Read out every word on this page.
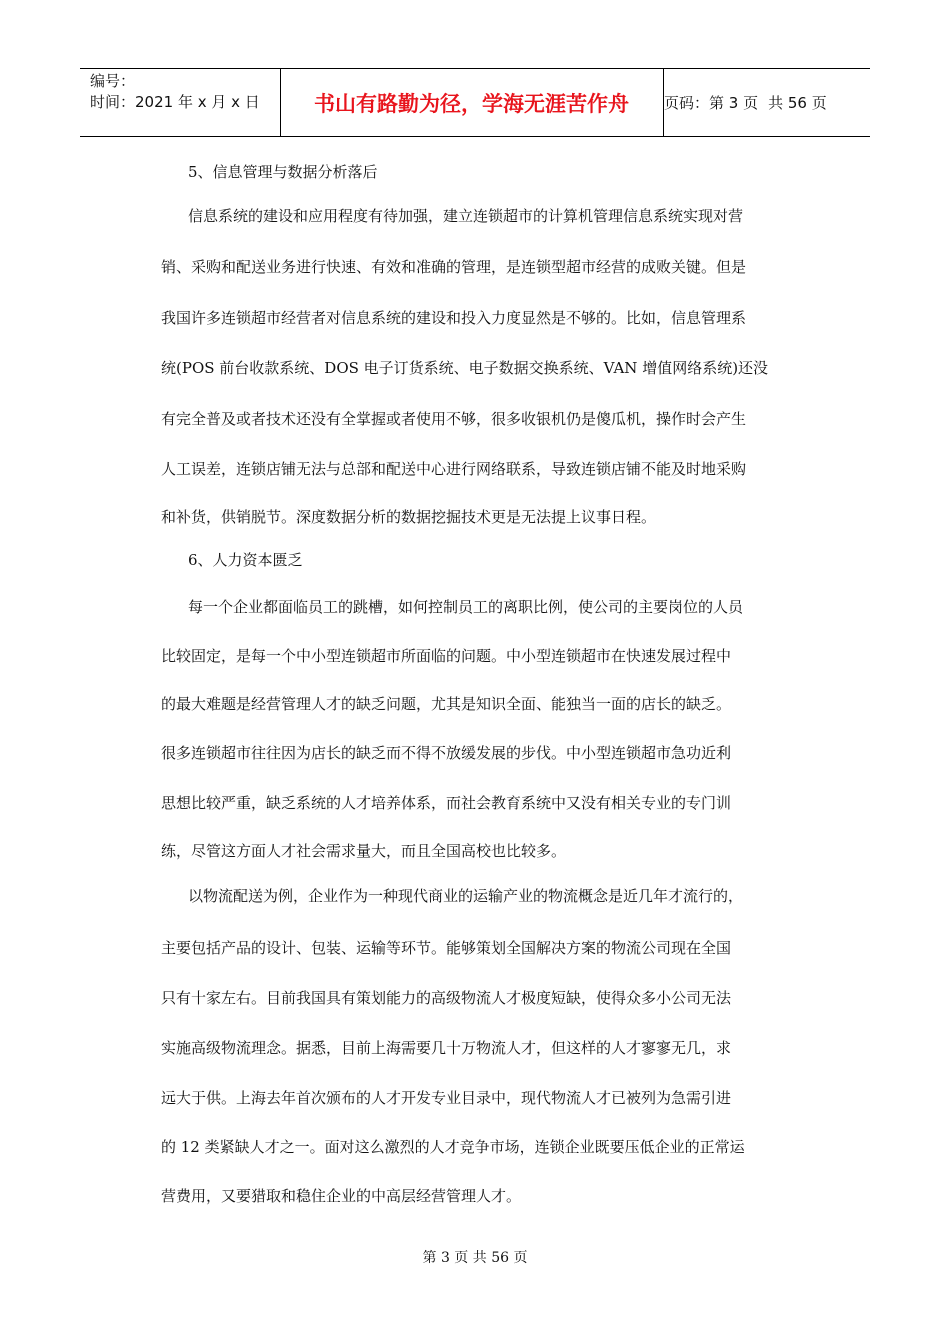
编号：
时间：2021 年 x 月 x 日	书山有路勤为径，学海无涯苦作舟	页码：第 3 页 共 56 页
5、信息管理与数据分析落后
信息系统的建设和应用程度有待加强，建立连锁超市的计算机管理信息系统实现对营
销、采购和配送业务进行快速、有效和准确的管理，是连锁型超市经营的成败关键。但是
我国许多连锁超市经营者对信息系统的建设和投入力度显然是不够的。比如，信息管理系
统(POS 前台收款系统、DOS 电子订货系统、电子数据交换系统、VAN 增值网络系统)还没
有完全普及或者技术还没有全掌握或者使用不够，很多收银机仍是傻瓜机，操作时会产生
人工误差，连锁店铺无法与总部和配送中心进行网络联系，导致连锁店铺不能及时地采购
和补货，供销脱节。深度数据分析的数据挖掘技术更是无法提上议事日程。
6、人力资本匮乏
每一个企业都面临员工的跳槽，如何控制员工的离职比例，使公司的主要岗位的人员
比较固定，是每一个中小型连锁超市所面临的问题。中小型连锁超市在快速发展过程中
的最大难题是经营管理人才的缺乏问题，尤其是知识全面、能独当一面的店长的缺乏。
很多连锁超市往往因为店长的缺乏而不得不放缓发展的步伐。中小型连锁超市急功近利
思想比较严重，缺乏系统的人才培养体系，而社会教育系统中又没有相关专业的专门训
练，尽管这方面人才社会需求量大，而且全国高校也比较多。
以物流配送为例，企业作为一种现代商业的运输产业的物流概念是近几年才流行的，
主要包括产品的设计、包装、运输等环节。能够策划全国解决方案的物流公司现在全国
只有十家左右。目前我国具有策划能力的高级物流人才极度短缺，使得众多小公司无法
实施高级物流理念。据悉，目前上海需要几十万物流人才，但这样的人才寥寥无几，求
远大于供。上海去年首次颁布的人才开发专业目录中，现代物流人才已被列为急需引进
的 12 类紧缺人才之一。面对这么激烈的人才竞争市场，连锁企业既要压低企业的正常运
营费用，又要猎取和稳住企业的中高层经营管理人才。
第 3 页 共 56 页
